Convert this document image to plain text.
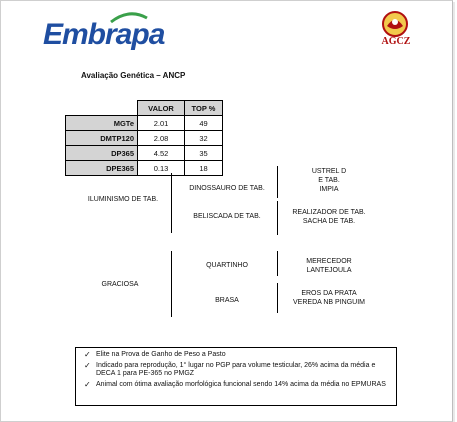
Embrapa	AGCZ
Avaliação Genética – ANCP
	VALOR	TOP %
MGTe	2.01	49
DMTP120	2.08	32
DP365	4.52	35
DPE365	0.13	18
ILUMINISMO DE TAB.
GRACIOSA
DINOSSAURO DE TAB.
BELISCADA DE TAB.
QUARTINHO
BRASA
USTREL D
E TAB.
IMPIA
REALIZADOR DE TAB.
SACHA DE TAB.
MERECEDOR
LANTEJOULA
EROS DA PRATA
VEREDA NB PINGUIM
✓ Elite na Prova de Ganho de Peso a Pasto
✓ Indicado para reprodução, 1° lugar no PGP para volume testicular, 26% acima da média e DECA 1 para PE-365 no PMGZ
✓ Animal com ótima avaliação morfológica funcional sendo 14% acima da média no EPMURAS
